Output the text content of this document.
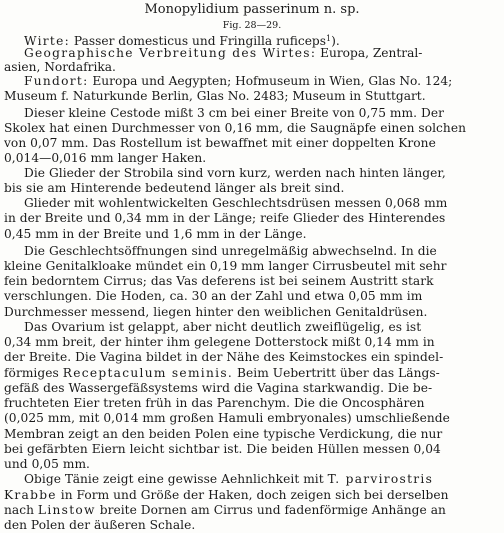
Monopylidium passerinum n. sp.
Fig. 28—29.
Wirte: Passer domesticus und Fringilla ruficeps$^1$).
Geographische Verbreitung des Wirtes: Europa, Zentral-
asien, Nordafrika.
Fundort: Europa und Aegypten; Hofmuseum in Wien, Glas No. 124;
Museum f. Naturkunde Berlin, Glas No. 2483; Museum in Stuttgart.
Dieser kleine Cestode mißt 3 cm bei einer Breite von 0,75 mm. Der
Skolex hat einen Durchmesser von 0,16 mm, die Saugnäpfe einen solchen
von 0,07 mm. Das Rostellum ist bewaffnet mit einer doppelten Krone
0,014—0,016 mm langer Haken.
Die Glieder der Strobila sind vorn kurz, werden nach hinten länger,
bis sie am Hinterende bedeutend länger als breit sind.
Glieder mit wohlentwickelten Geschlechtsdrüsen messen 0,068 mm
in der Breite und 0,34 mm in der Länge; reife Glieder des Hinterendes
0,45 mm in der Breite und 1,6 mm in der Länge.
Die Geschlechtsöffnungen sind unregelmäßig abwechselnd. In die
kleine Genitalkloake mündet ein 0,19 mm langer Cirrusbeutel mit sehr
fein bedorntem Cirrus; das Vas deferens ist bei seinem Austritt stark
verschlungen. Die Hoden, ca. 30 an der Zahl und etwa 0,05 mm im
Durchmesser messend, liegen hinter den weiblichen Genitaldrüsen.
Das Ovarium ist gelappt, aber nicht deutlich zweiflügelig, es ist
0,34 mm breit, der hinter ihm gelegene Dotterstock mißt 0,14 mm in
der Breite. Die Vagina bildet in der Nähe des Keimstockes ein spindel-
förmiges Receptaculum seminis. Beim Uebertritt über das Längs-
gefäß des Wassergefäßsystems wird die Vagina starkwandig. Die be-
fruchteten Eier treten früh in das Parenchym. Die die Oncosphären
(0,025 mm, mit 0,014 mm großen Hamuli embryonales) umschließende
Membran zeigt an den beiden Polen eine typische Verdickung, die nur
bei gefärbten Eiern leicht sichtbar ist. Die beiden Hüllen messen 0,04
und 0,05 mm.
Obige Tänie zeigt eine gewisse Aehnlichkeit mit T. parvirostris
Krabbe in Form und Größe der Haken, doch zeigen sich bei derselben
nach Linstow breite Dornen am Cirrus und fadenförmige Anhänge an
den Polen der äußeren Schale.
